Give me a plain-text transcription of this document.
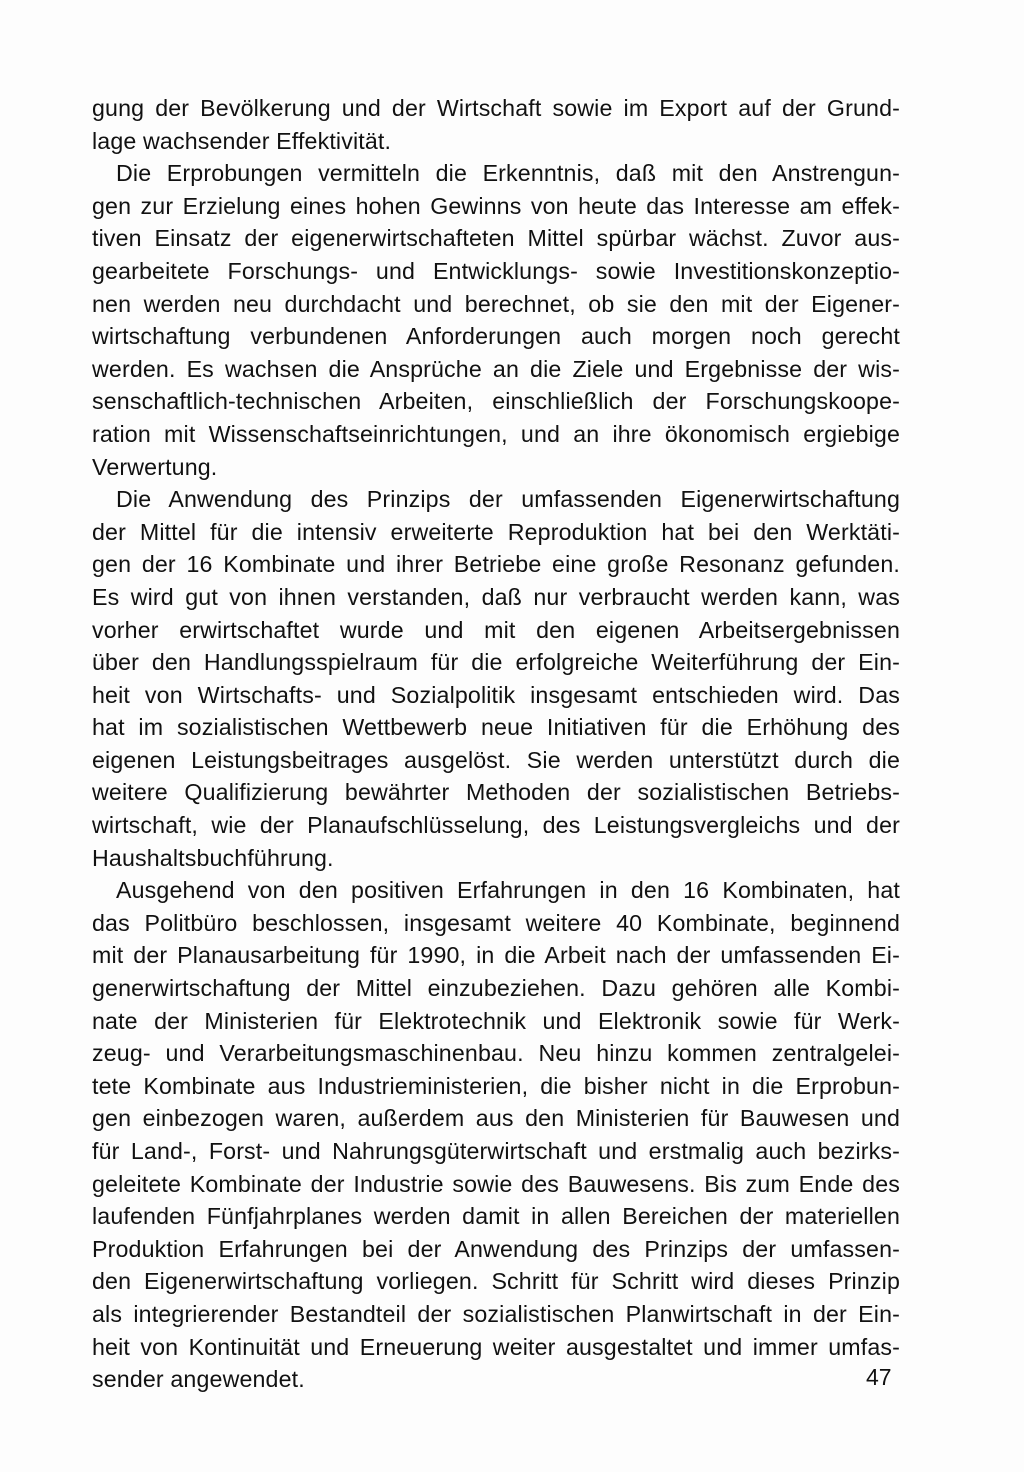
gung der Bevölkerung und der Wirtschaft sowie im Export auf der Grund-
lage wachsender Effektivität.
Die Erprobungen vermitteln die Erkenntnis, daß mit den Anstrengun-
gen zur Erzielung eines hohen Gewinns von heute das Interesse am effek-
tiven Einsatz der eigenerwirtschafteten Mittel spürbar wächst. Zuvor aus-
gearbeitete Forschungs- und Entwicklungs- sowie Investitionskonzeptio-
nen werden neu durchdacht und berechnet, ob sie den mit der Eigener-
wirtschaftung verbundenen Anforderungen auch morgen noch gerecht
werden. Es wachsen die Ansprüche an die Ziele und Ergebnisse der wis-
senschaftlich-technischen Arbeiten, einschließlich der Forschungskoope-
ration mit Wissenschaftseinrichtungen, und an ihre ökonomisch ergiebige
Verwertung.
Die Anwendung des Prinzips der umfassenden Eigenerwirtschaftung
der Mittel für die intensiv erweiterte Reproduktion hat bei den Werktäti-
gen der 16 Kombinate und ihrer Betriebe eine große Resonanz gefunden.
Es wird gut von ihnen verstanden, daß nur verbraucht werden kann, was
vorher erwirtschaftet wurde und mit den eigenen Arbeitsergebnissen
über den Handlungsspielraum für die erfolgreiche Weiterführung der Ein-
heit von Wirtschafts- und Sozialpolitik insgesamt entschieden wird. Das
hat im sozialistischen Wettbewerb neue Initiativen für die Erhöhung des
eigenen Leistungsbeitrages ausgelöst. Sie werden unterstützt durch die
weitere Qualifizierung bewährter Methoden der sozialistischen Betriebs-
wirtschaft, wie der Planaufschlüsselung, des Leistungsvergleichs und der
Haushaltsbuchführung.
Ausgehend von den positiven Erfahrungen in den 16 Kombinaten, hat
das Politbüro beschlossen, insgesamt weitere 40 Kombinate, beginnend
mit der Planausarbeitung für 1990, in die Arbeit nach der umfassenden Ei-
generwirtschaftung der Mittel einzubeziehen. Dazu gehören alle Kombi-
nate der Ministerien für Elektrotechnik und Elektronik sowie für Werk-
zeug- und Verarbeitungsmaschinenbau. Neu hinzu kommen zentralgelei-
tete Kombinate aus Industrieministerien, die bisher nicht in die Erprobun-
gen einbezogen waren, außerdem aus den Ministerien für Bauwesen und
für Land-, Forst- und Nahrungsgüterwirtschaft und erstmalig auch bezirks-
geleitete Kombinate der Industrie sowie des Bauwesens. Bis zum Ende des
laufenden Fünfjahrplanes werden damit in allen Bereichen der materiellen
Produktion Erfahrungen bei der Anwendung des Prinzips der umfassen-
den Eigenerwirtschaftung vorliegen. Schritt für Schritt wird dieses Prinzip
als integrierender Bestandteil der sozialistischen Planwirtschaft in der Ein-
heit von Kontinuität und Erneuerung weiter ausgestaltet und immer umfas-
sender angewendet.	47
